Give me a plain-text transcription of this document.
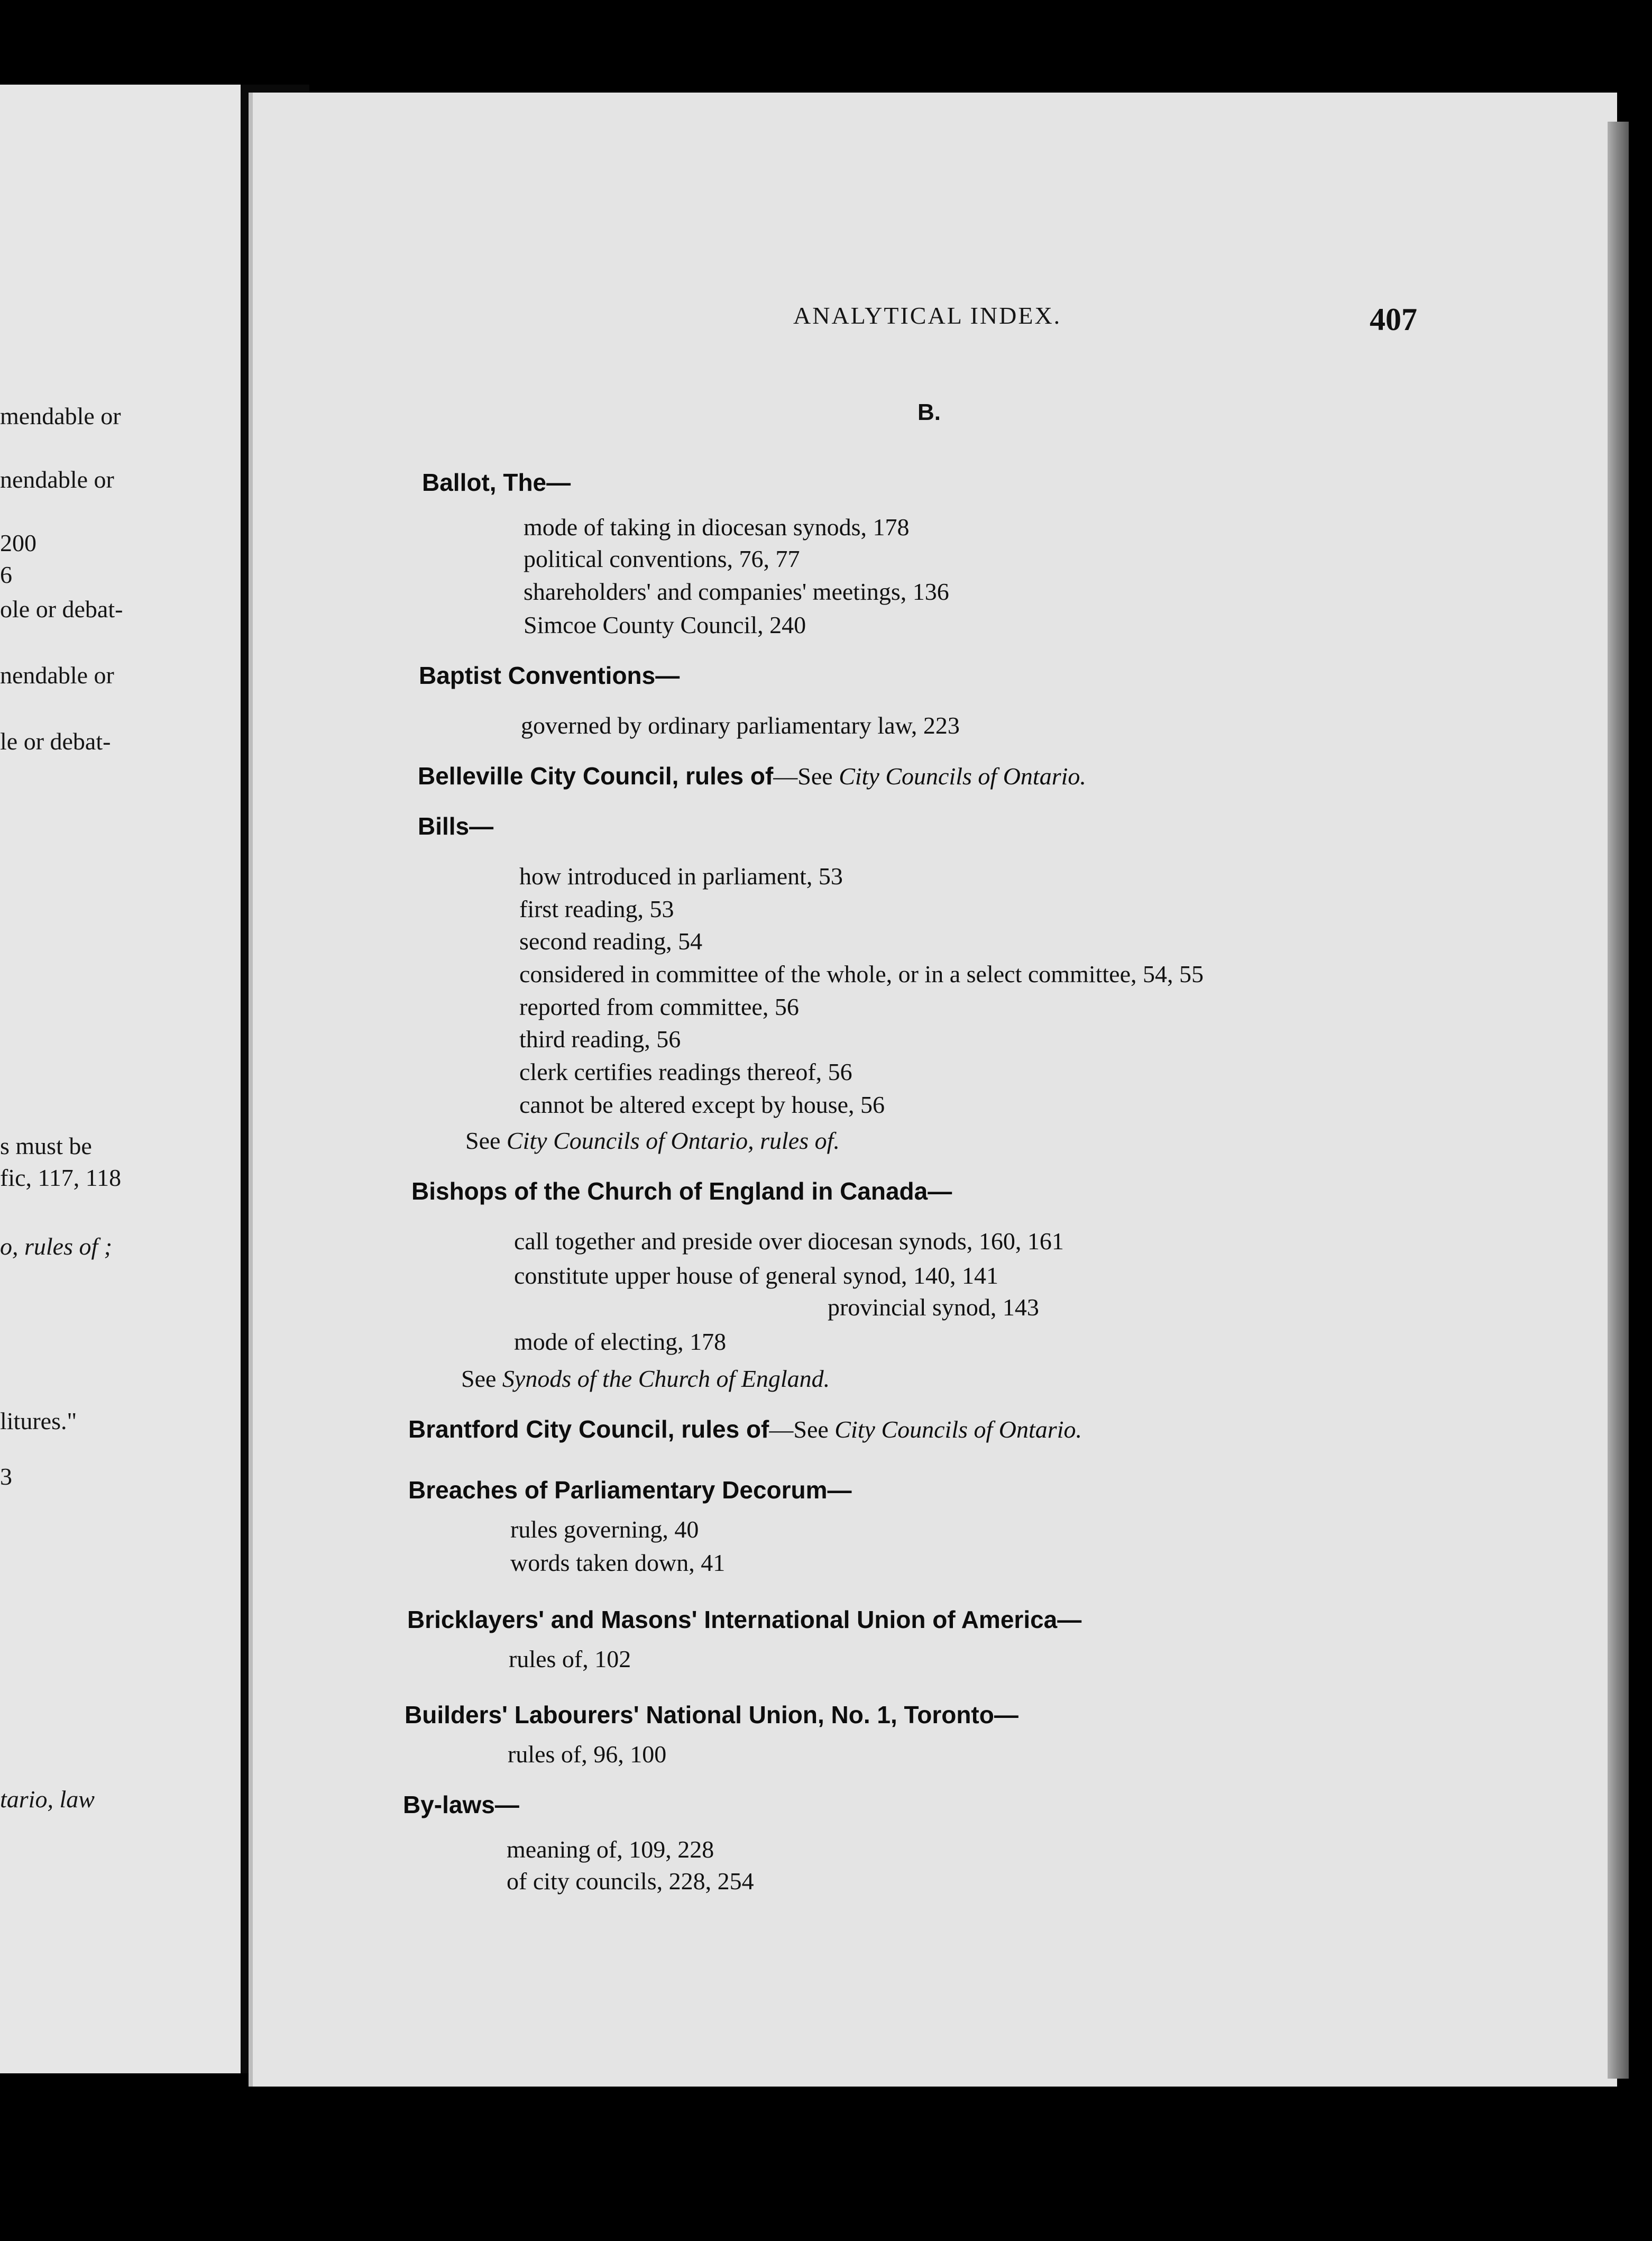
mendable or
nendable or
200
6
ole or debat-
nendable or
le or debat-
s must be
fic, 117, 118
o, rules of ;
litures."
3
tario, law
ANALYTICAL INDEX.	407
B.
Ballot, The—
mode of taking in diocesan synods, 178
political conventions, 76, 77
shareholders' and companies' meetings, 136
Simcoe County Council, 240
Baptist Conventions—
governed by ordinary parliamentary law, 223
Belleville City Council, rules of—See City Councils of Ontario.
Bills—
how introduced in parliament, 53
first reading, 53
second reading, 54
considered in committee of the whole, or in a select committee, 54, 55
reported from committee, 56
third reading, 56
clerk certifies readings thereof, 56
cannot be altered except by house, 56
See City Councils of Ontario, rules of.
Bishops of the Church of England in Canada—
call together and preside over diocesan synods, 160, 161
constitute upper house of general synod, 140, 141
provincial synod, 143
mode of electing, 178
See Synods of the Church of England.
Brantford City Council, rules of—See City Councils of Ontario.
Breaches of Parliamentary Decorum—
rules governing, 40
words taken down, 41
Bricklayers' and Masons' International Union of America—
rules of, 102
Builders' Labourers' National Union, No. 1, Toronto—
rules of, 96, 100
By-laws—
meaning of, 109, 228
of city councils, 228, 254
